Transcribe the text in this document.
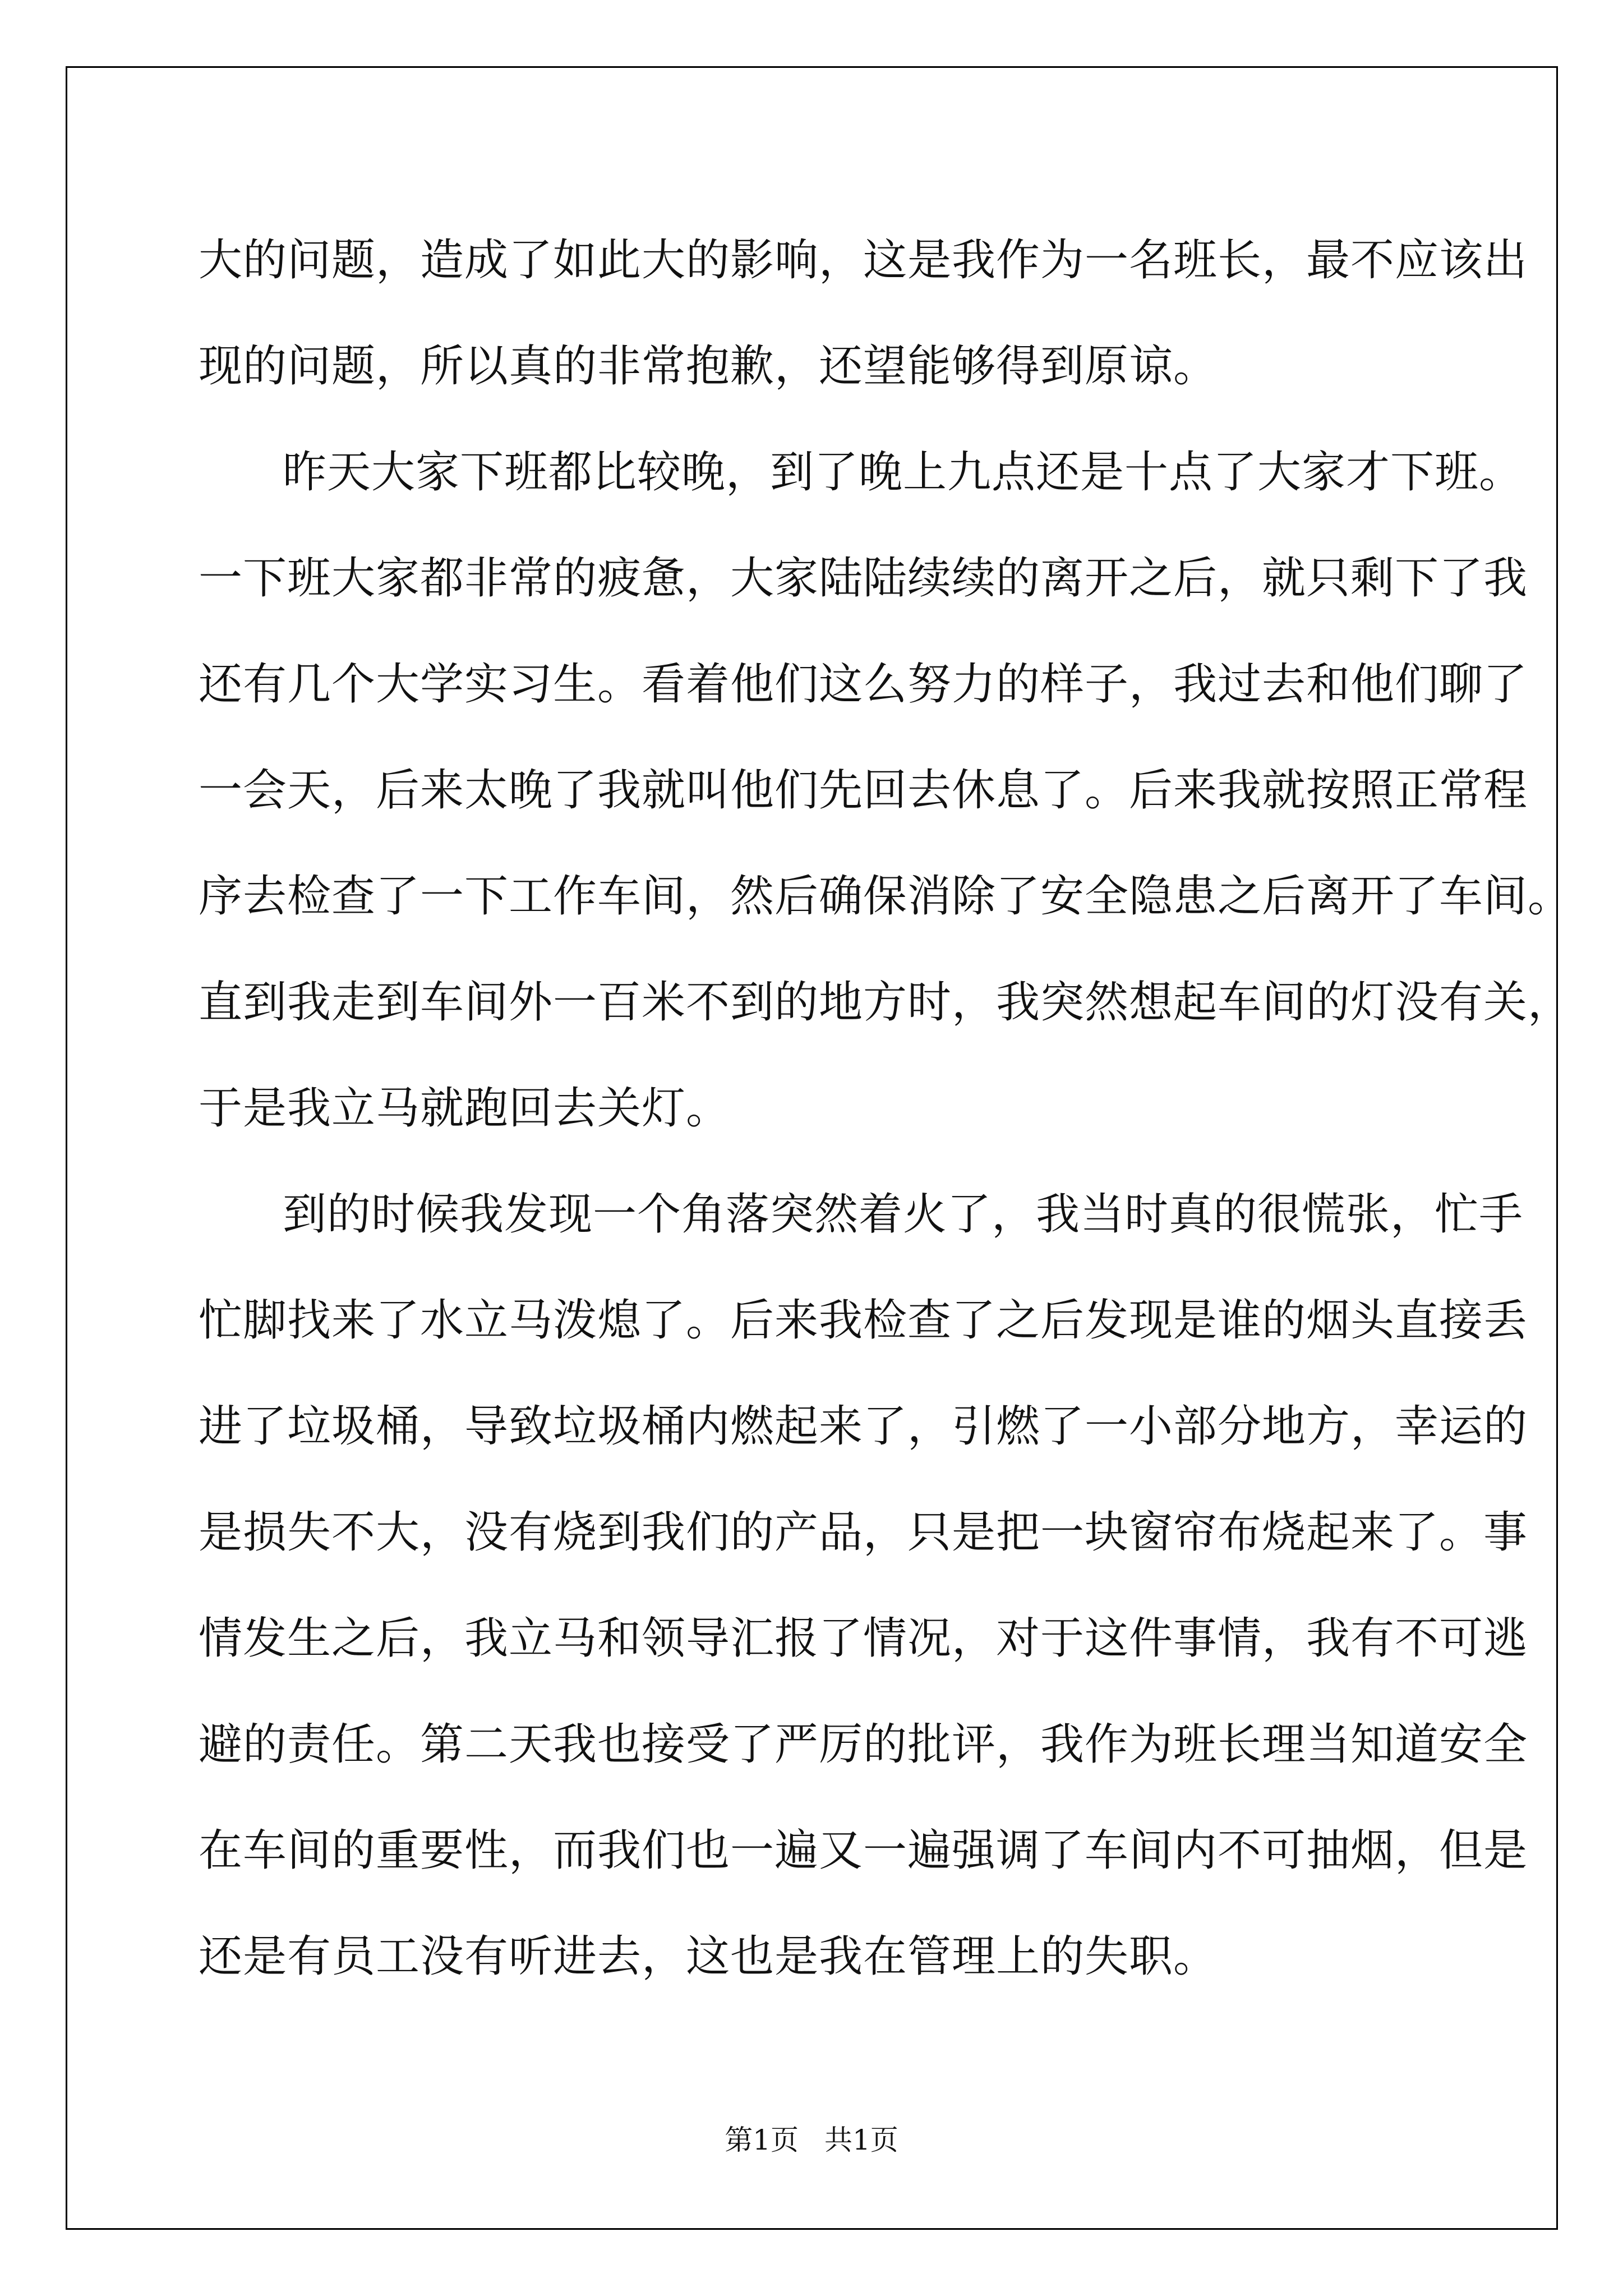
大的问题，造成了如此大的影响，这是我作为一名班长，最不应该出
现的问题，所以真的非常抱歉，还望能够得到原谅。
昨天大家下班都比较晚，到了晚上九点还是十点了大家才下班。
一下班大家都非常的疲惫，大家陆陆续续的离开之后，就只剩下了我
还有几个大学实习生。看着他们这么努力的样子，我过去和他们聊了
一会天，后来太晚了我就叫他们先回去休息了。后来我就按照正常程
序去检查了一下工作车间，然后确保消除了安全隐患之后离开了车间。
直到我走到车间外一百米不到的地方时，我突然想起车间的灯没有关，
于是我立马就跑回去关灯。
到的时候我发现一个角落突然着火了，我当时真的很慌张，忙手
忙脚找来了水立马泼熄了。后来我检查了之后发现是谁的烟头直接丢
进了垃圾桶，导致垃圾桶内燃起来了，引燃了一小部分地方，幸运的
是损失不大，没有烧到我们的产品，只是把一块窗帘布烧起来了。事
情发生之后，我立马和领导汇报了情况，对于这件事情，我有不可逃
避的责任。第二天我也接受了严厉的批评，我作为班长理当知道安全
在车间的重要性，而我们也一遍又一遍强调了车间内不可抽烟，但是
还是有员工没有听进去，这也是我在管理上的失职。
第1页 共1页
